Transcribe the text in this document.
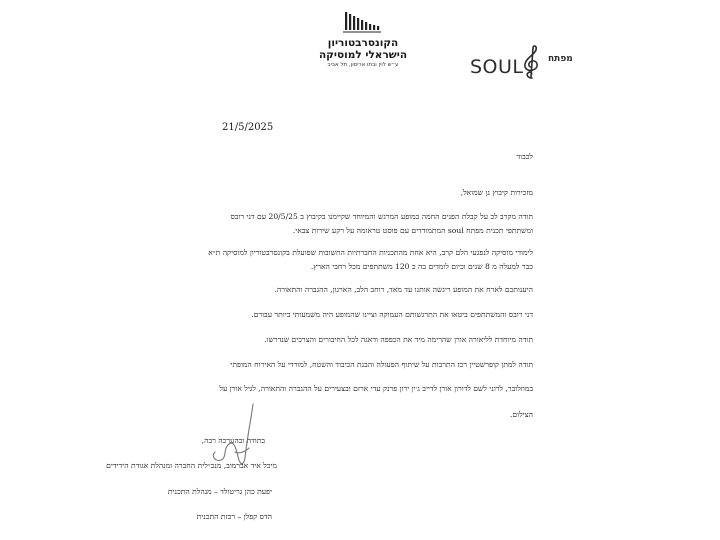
הקונסרבטוריון
הישראלי למוסיקה
ע״ש לוין ובתו אריסון, תל אביב	SOUL	מפתח
21/5/2025
לכבוד
מזכירות קיבוץ גן שמואל,
תודה מקרב לב על קבלת הפנים החמה במופע המרגש והמיוחד שקיימנו בקיבוץ ב 20/5/25 עם דני רובס
ומשתתפי תכנית מפתח soul המתמודדים עם פוסט טראומה על רקע שירות צבאי.
לימודי מוסיקה לנפגעי הלם קרב, היא אחת מהתכניות החברתיות החשובות שפועלת בקונסרבטוריון למוסיקה ת״א
כבר למעלה מ 8 שנים וכיום לומדים בה כ 120 משתתפים מכל רחבי הארץ.
היענותכם לארח את המופע ריגשה אותנו עד מאד, רוחב הלב, הארגון, ההגברה והתאורה.
דני רובס והמשתתפים ביטאו את התרגשותם העמוקה וציינו שהמופע היה משמעותי ביותר עבורם.
תודה מיוחדת לליאורה אורן שהרימה מיד את הכפפה ודאגה לכל החיבורים והצרכים שנדרשו.
תודה למתן קופרשטיין רכז התרבות על שיתוף הפעולה והבנת הכיבוד והשטח, למורדי על האירוח המופתי
במוזלובר, לרוני לשם לדורון אורן לדייב ג׳ין ירון פרנק עדי ארזם ובצעירים על ההגברה והתאורה, לגיל אורן על
הצילום.
בתודה ובהערכה רבה,
מיכל איד אברמוב, מנכ״לית החברה ומנהלת אגודת הידידים
יפעת כהן גריטולד – מנהלת התכנית
הדס קפלן – רכזת התכנית
